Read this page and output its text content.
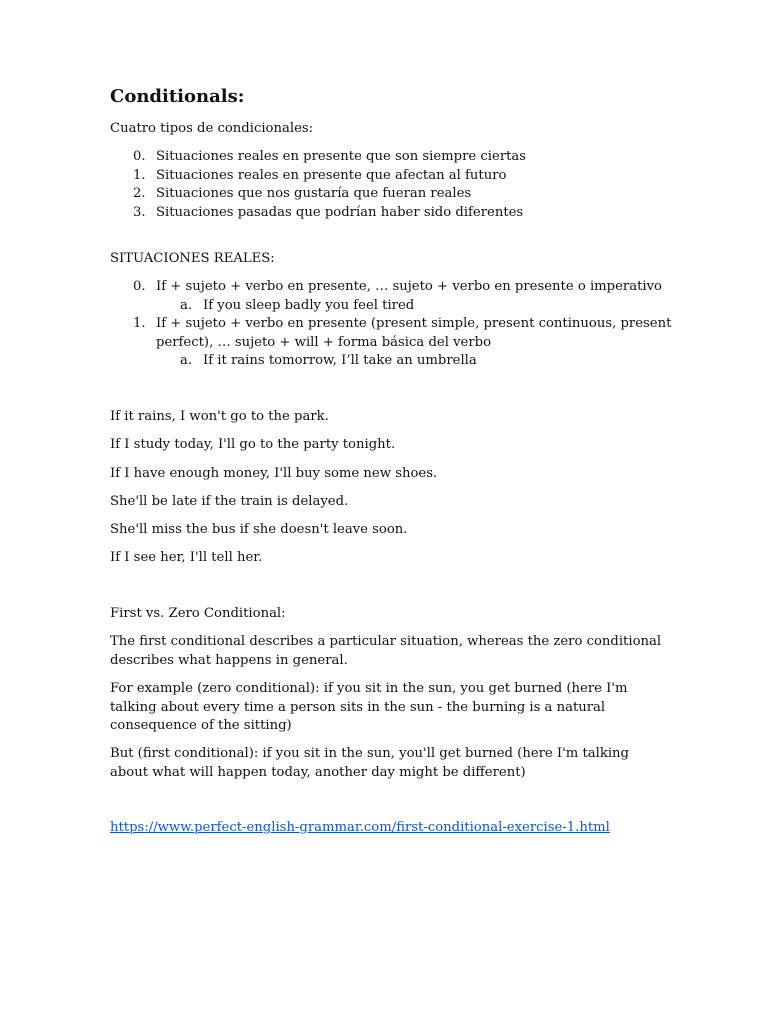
Conditionals:
Cuatro tipos de condicionales:
0. Situaciones reales en presente que son siempre ciertas
1. Situaciones reales en presente que afectan al futuro
2. Situaciones que nos gustaría que fueran reales
3. Situaciones pasadas que podrían haber sido diferentes
SITUACIONES REALES:
0. If + sujeto + verbo en presente, … sujeto + verbo en presente o imperativo
a. If you sleep badly you feel tired
1. If + sujeto + verbo en presente (present simple, present continuous, present
perfect), … sujeto + will + forma básica del verbo
a. If it rains tomorrow, I’ll take an umbrella
If it rains, I won't go to the park.
If I study today, I'll go to the party tonight.
If I have enough money, I'll buy some new shoes.
She'll be late if the train is delayed.
She'll miss the bus if she doesn't leave soon.
If I see her, I'll tell her.
First vs. Zero Conditional:
The first conditional describes a particular situation, whereas the zero conditional describes what happens in general.
For example (zero conditional): if you sit in the sun, you get burned (here I'm talking about every time a person sits in the sun - the burning is a natural consequence of the sitting)
But (first conditional): if you sit in the sun, you'll get burned (here I'm talking about what will happen today, another day might be different)
https://www.perfect-english-grammar.com/first-conditional-exercise-1.html
